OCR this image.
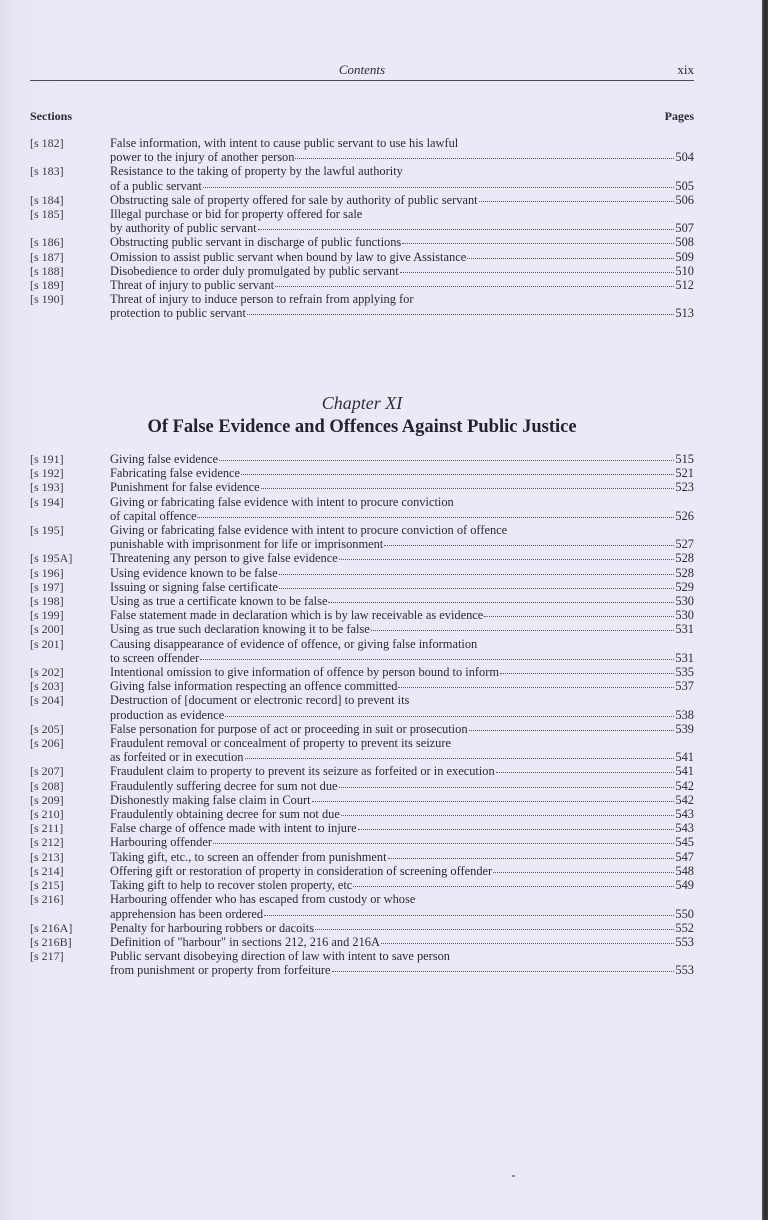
Contents	xix
Sections	Pages
[s 182]	False information, with intent to cause public servant to use his lawful
power to the injury of another person	504
[s 183]	Resistance to the taking of property by the lawful authority
of a public servant	505
[s 184]	Obstructing sale of property offered for sale by authority of public servant	506
[s 185]	Illegal purchase or bid for property offered for sale
by authority of public servant	507
[s 186]	Obstructing public servant in discharge of public functions	508
[s 187]	Omission to assist public servant when bound by law to give Assistance	509
[s 188]	Disobedience to order duly promulgated by public servant	510
[s 189]	Threat of injury to public servant	512
[s 190]	Threat of injury to induce person to refrain from applying for
protection to public servant	513
Chapter XI
Of False Evidence and Offences Against Public Justice
[s 191]	Giving false evidence	515
[s 192]	Fabricating false evidence	521
[s 193]	Punishment for false evidence	523
[s 194]	Giving or fabricating false evidence with intent to procure conviction
of capital offence	526
[s 195]	Giving or fabricating false evidence with intent to procure conviction of offence
punishable with imprisonment for life or imprisonment	527
[s 195A]	Threatening any person to give false evidence	528
[s 196]	Using evidence known to be false	528
[s 197]	Issuing or signing false certificate	529
[s 198]	Using as true a certificate known to be false	530
[s 199]	False statement made in declaration which is by law receivable as evidence	530
[s 200]	Using as true such declaration knowing it to be false	531
[s 201]	Causing disappearance of evidence of offence, or giving false information
to screen offender	531
[s 202]	Intentional omission to give information of offence by person bound to inform	535
[s 203]	Giving false information respecting an offence committed	537
[s 204]	Destruction of [document or electronic record] to prevent its
production as evidence	538
[s 205]	False personation for purpose of act or proceeding in suit or prosecution	539
[s 206]	Fraudulent removal or concealment of property to prevent its seizure
as forfeited or in execution	541
[s 207]	Fraudulent claim to property to prevent its seizure as forfeited or in execution	541
[s 208]	Fraudulently suffering decree for sum not due	542
[s 209]	Dishonestly making false claim in Court	542
[s 210]	Fraudulently obtaining decree for sum not due	543
[s 211]	False charge of offence made with intent to injure	543
[s 212]	Harbouring offender	545
[s 213]	Taking gift, etc., to screen an offender from punishment	547
[s 214]	Offering gift or restoration of property in consideration of screening offender	548
[s 215]	Taking gift to help to recover stolen property, etc	549
[s 216]	Harbouring offender who has escaped from custody or whose
apprehension has been ordered	550
[s 216A]	Penalty for harbouring robbers or dacoits	552
[s 216B]	Definition of "harbour" in sections 212, 216 and 216A	553
[s 217]	Public servant disobeying direction of law with intent to save person
from punishment or property from forfeiture	553
